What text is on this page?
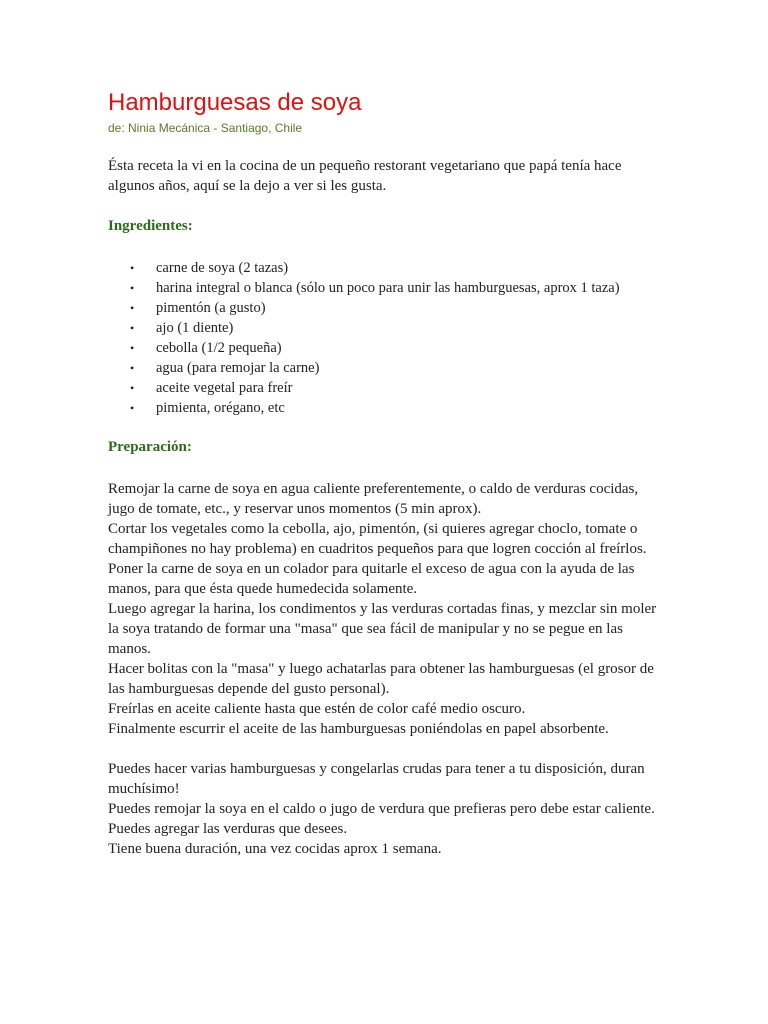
Hamburguesas de soya
de: Ninia Mecánica - Santiago, Chile

Ésta receta la vi en la cocina de un pequeño restorant vegetariano que papá tenía hace algunos años, aquí se la dejo a ver si les gusta.

Ingredientes:
• carne de soya (2 tazas)
• harina integral o blanca (sólo un poco para unir las hamburguesas, aprox 1 taza)
• pimentón (a gusto)
• ajo (1 diente)
• cebolla (1/2 pequeña)
• agua (para remojar la carne)
• aceite vegetal para freír
• pimienta, orégano, etc
Preparación:

Remojar la carne de soya en agua caliente preferentemente, o caldo de verduras cocidas, jugo de tomate, etc., y reservar unos momentos (5 min aprox).

Cortar los vegetales como la cebolla, ajo, pimentón, (si quieres agregar choclo, tomate o champiñones no hay problema) en cuadritos pequeños para que logren cocción al freírlos.

Poner la carne de soya en un colador para quitarle el exceso de agua con la ayuda de las manos, para que ésta quede humedecida solamente.

Luego agregar la harina, los condimentos y las verduras cortadas finas, y mezclar sin moler la soya tratando de formar una "masa" que sea fácil de manipular y no se pegue en las manos.

Hacer bolitas con la "masa" y luego achatarlas para obtener las hamburguesas (el grosor de las hamburguesas depende del gusto personal).

Freírlas en aceite caliente hasta que estén de color café medio oscuro.

Finalmente escurrir el aceite de las hamburguesas poniéndolas en papel absorbente.

Puedes hacer varias hamburguesas y congelarlas crudas para tener a tu disposición, duran muchísimo!

Puedes remojar la soya en el caldo o jugo de verdura que prefieras pero debe estar caliente.

Puedes agregar las verduras que desees.

Tiene buena duración, una vez cocidas aprox 1 semana.
